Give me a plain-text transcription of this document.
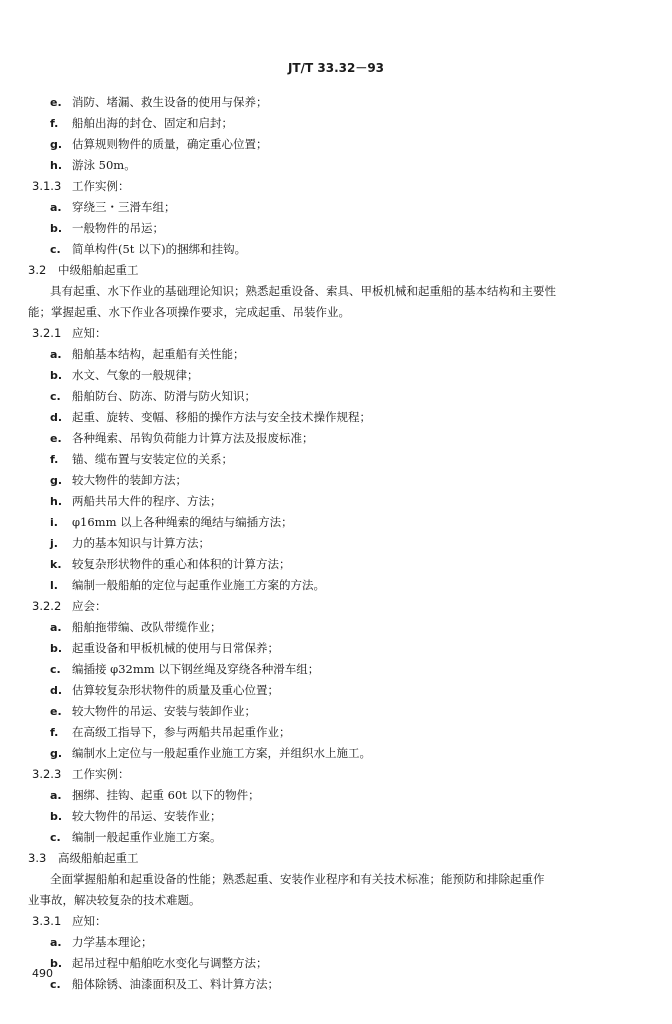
JT/T 33.32－93
e. 消防、堵漏、救生设备的使用与保养；
f. 船舶出海的封仓、固定和启封；
g. 估算规则物件的质量，确定重心位置；
h. 游泳 50m。
3.1.3 工作实例：
a. 穿绕三・三滑车组；
b. 一般物件的吊运；
c. 简单构件(5t 以下)的捆绑和挂钩。
3.2 中级船舶起重工
具有起重、水下作业的基础理论知识；熟悉起重设备、索具、甲板机械和起重船的基本结构和主要性
能；掌握起重、水下作业各项操作要求，完成起重、吊装作业。
3.2.1 应知：
a. 船舶基本结构，起重船有关性能；
b. 水文、气象的一般规律；
c. 船舶防台、防冻、防滑与防火知识；
d. 起重、旋转、变幅、移船的操作方法与安全技术操作规程；
e. 各种绳索、吊钩负荷能力计算方法及报废标准；
f. 锚、缆布置与安装定位的关系；
g. 较大物件的装卸方法；
h. 两船共吊大件的程序、方法；
i. φ16mm 以上各种绳索的绳结与编插方法；
j. 力的基本知识与计算方法；
k. 较复杂形状物件的重心和体积的计算方法；
l. 编制一般船舶的定位与起重作业施工方案的方法。
3.2.2 应会：
a. 船舶拖带编、改队带缆作业；
b. 起重设备和甲板机械的使用与日常保养；
c. 编插接 φ32mm 以下钢丝绳及穿绕各种滑车组；
d. 估算较复杂形状物件的质量及重心位置；
e. 较大物件的吊运、安装与装卸作业；
f. 在高级工指导下，参与两船共吊起重作业；
g. 编制水上定位与一般起重作业施工方案，并组织水上施工。
3.2.3 工作实例：
a. 捆绑、挂钩、起重 60t 以下的物件；
b. 较大物件的吊运、安装作业；
c. 编制一般起重作业施工方案。
3.3 高级船舶起重工
全面掌握船舶和起重设备的性能；熟悉起重、安装作业程序和有关技术标准；能预防和排除起重作
业事故，解决较复杂的技术难题。
3.3.1 应知：
a. 力学基本理论；
b. 起吊过程中船舶吃水变化与调整方法；
c. 船体除锈、油漆面积及工、料计算方法；
490
